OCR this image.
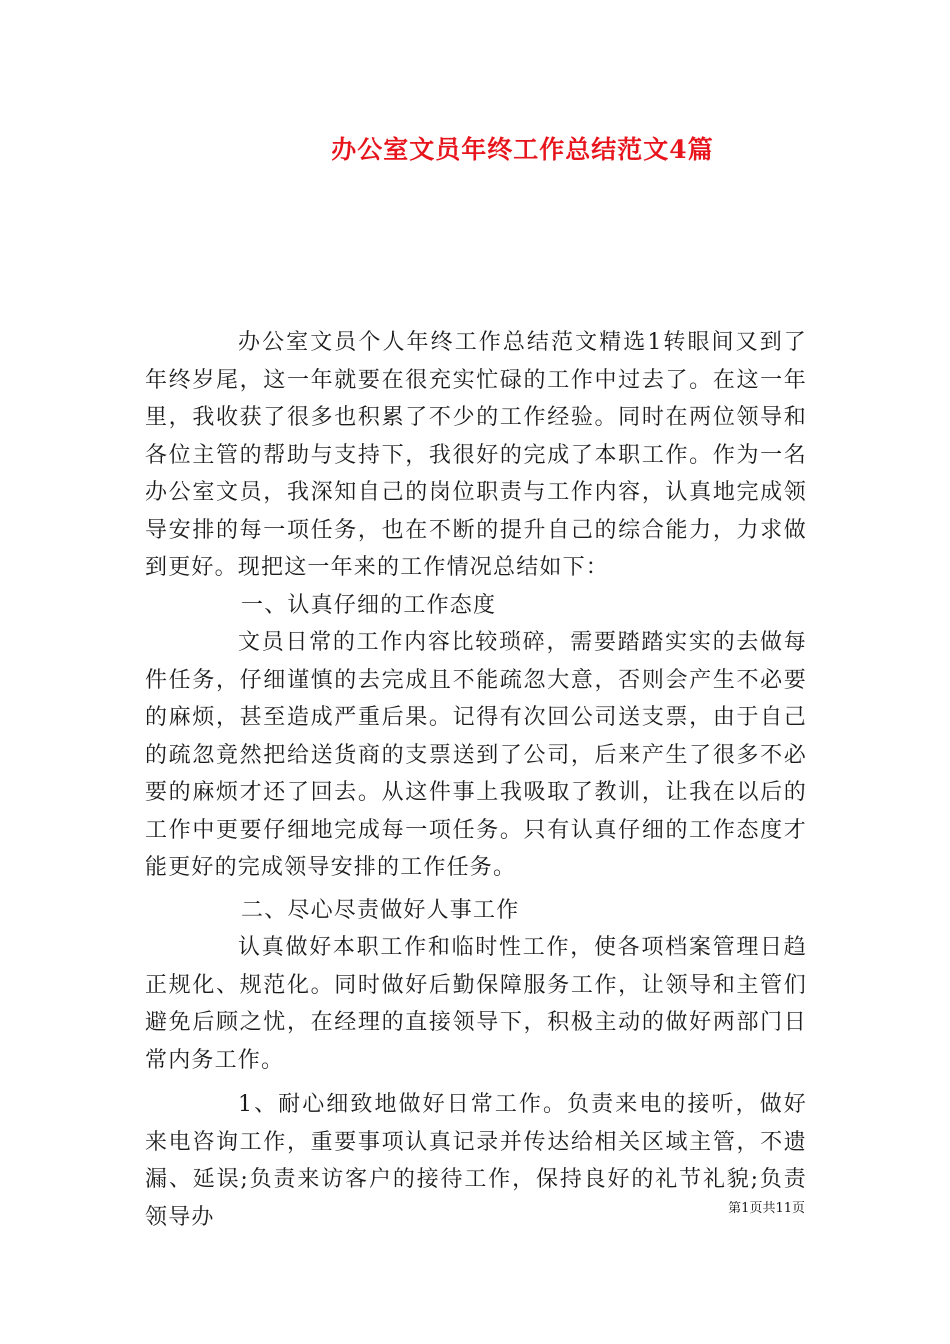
办公室文员年终工作总结范文4篇

办公室文员个人年终工作总结范文精选1转眼间又到了年终岁尾，这一年就要在很充实忙碌的工作中过去了。在这一年里，我收获了很多也积累了不少的工作经验。同时在两位领导和各位主管的帮助与支持下，我很好的完成了本职工作。作为一名办公室文员，我深知自己的岗位职责与工作内容，认真地完成领导安排的每一项任务，也在不断的提升自己的综合能力，力求做到更好。现把这一年来的工作情况总结如下：

一、认真仔细的工作态度

文员日常的工作内容比较琐碎，需要踏踏实实的去做每件任务，仔细谨慎的去完成且不能疏忽大意，否则会产生不必要的麻烦，甚至造成严重后果。记得有次回公司送支票，由于自己的疏忽竟然把给送货商的支票送到了公司，后来产生了很多不必要的麻烦才还了回去。从这件事上我吸取了教训，让我在以后的工作中更要仔细地完成每一项任务。只有认真仔细的工作态度才能更好的完成领导安排的工作任务。

二、尽心尽责做好人事工作

认真做好本职工作和临时性工作，使各项档案管理日趋正规化、规范化。同时做好后勤保障服务工作，让领导和主管们避免后顾之忧，在经理的直接领导下，积极主动的做好两部门日常内务工作。

1、耐心细致地做好日常工作。负责来电的接听，做好来电咨询工作，重要事项认真记录并传达给相关区域主管，不遗漏、延误;负责来访客户的接待工作，保持良好的礼节礼貌;负责领导办	第1页共11页
